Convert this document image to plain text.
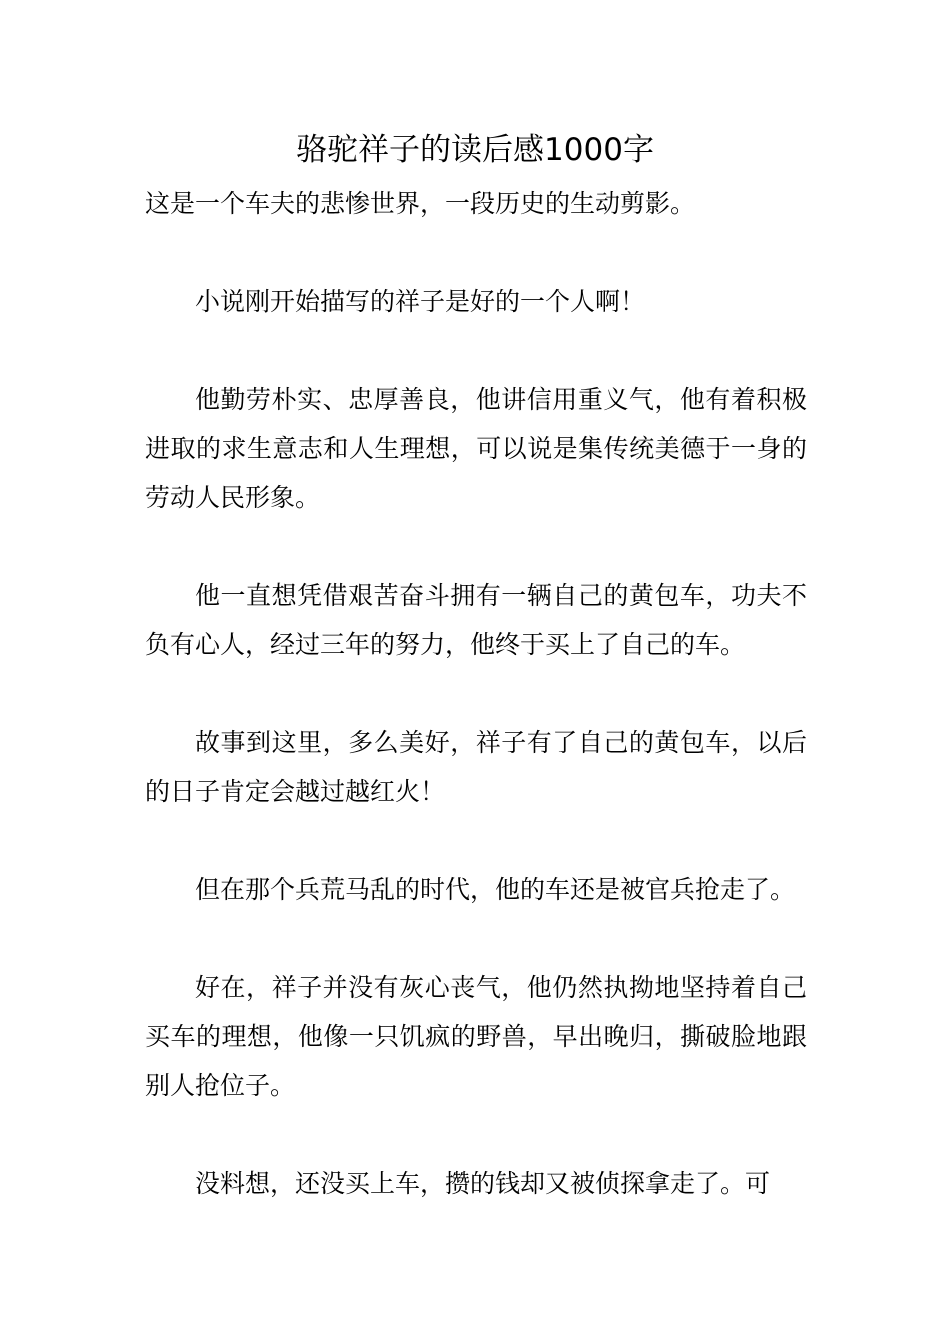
骆驼祥子的读后感1000字

这是一个车夫的悲惨世界，一段历史的生动剪影。

小说刚开始描写的祥子是好的一个人啊！

他勤劳朴实、忠厚善良，他讲信用重义气，他有着积极进取的求生意志和人生理想，可以说是集传统美德于一身的劳动人民形象。

他一直想凭借艰苦奋斗拥有一辆自己的黄包车，功夫不负有心人，经过三年的努力，他终于买上了自己的车。

故事到这里，多么美好，祥子有了自己的黄包车，以后的日子肯定会越过越红火！

但在那个兵荒马乱的时代，他的车还是被官兵抢走了。

好在，祥子并没有灰心丧气，他仍然执拗地坚持着自己买车的理想，他像一只饥疯的野兽，早出晚归，撕破脸地跟别人抢位子。

没料想，还没买上车，攒的钱却又被侦探拿走了。可
